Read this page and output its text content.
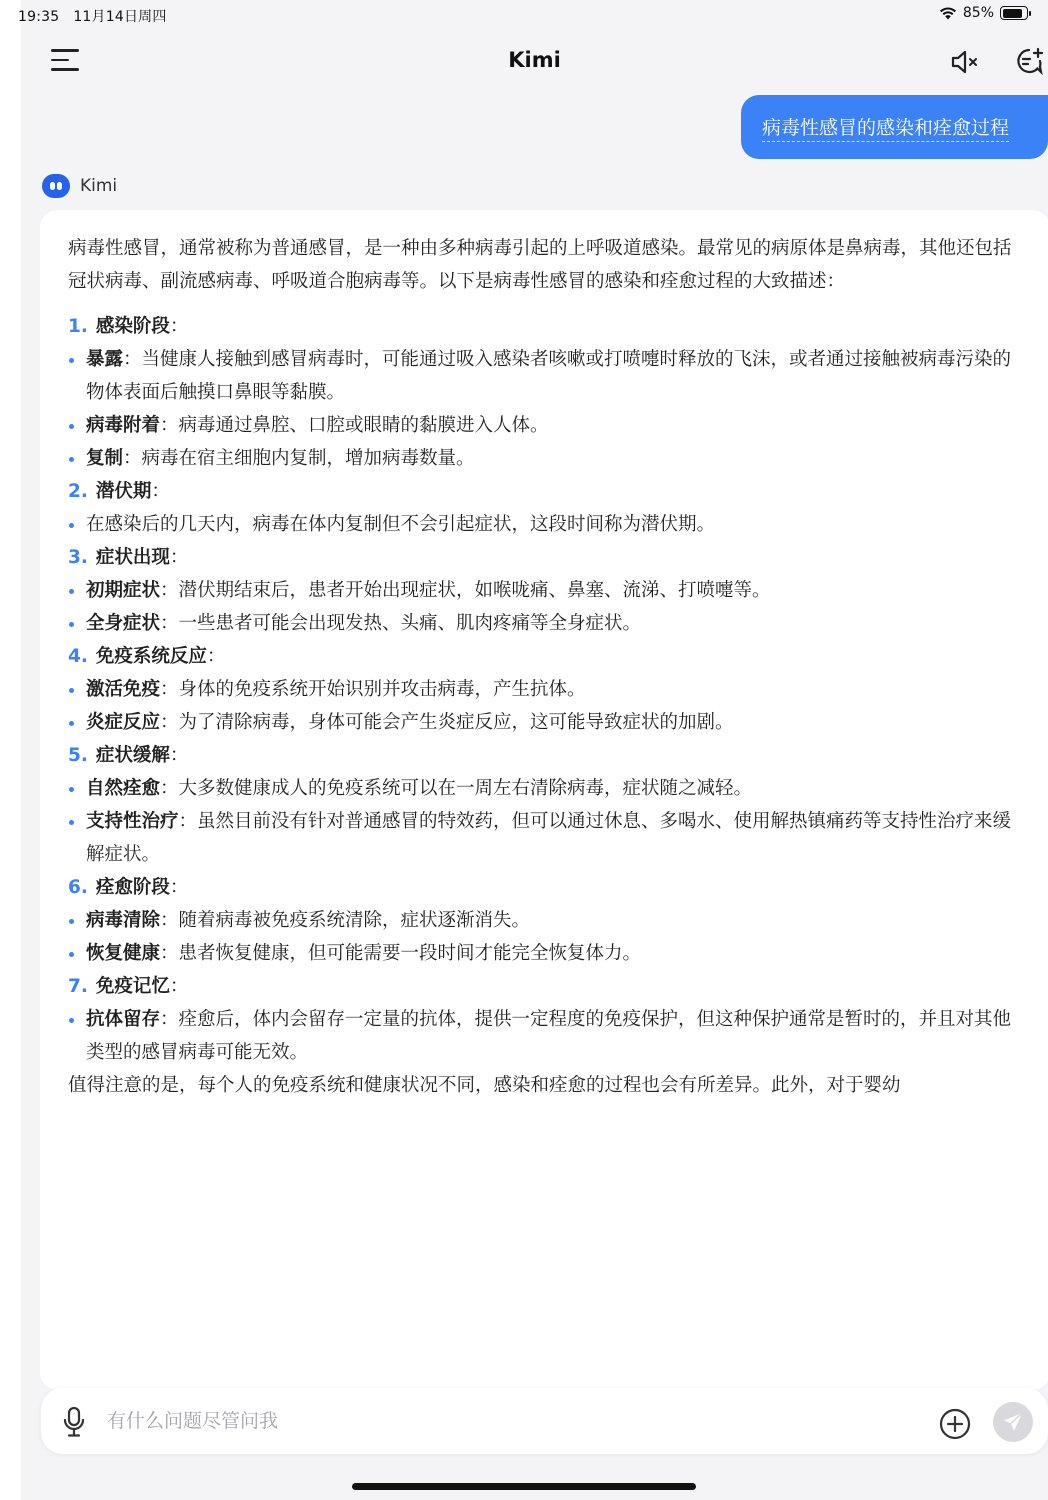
19:35 11月14日周四	85%
Kimi
病毒性感冒的感染和痊愈过程
Kimi

病毒性感冒，通常被称为普通感冒，是一种由多种病毒引起的上呼吸道感染。最常见的病原体是鼻病毒，其他还包括冠状病毒、副流感病毒、呼吸道合胞病毒等。以下是病毒性感冒的感染和痊愈过程的大致描述：

1. 感染阶段：

暴露：当健康人接触到感冒病毒时，可能通过吸入感染者咳嗽或打喷嚏时释放的飞沫，或者通过接触被病毒污染的物体表面后触摸口鼻眼等黏膜。

病毒附着：病毒通过鼻腔、口腔或眼睛的黏膜进入人体。

复制：病毒在宿主细胞内复制，增加病毒数量。

2. 潜伏期：

在感染后的几天内，病毒在体内复制但不会引起症状，这段时间称为潜伏期。

3. 症状出现：

初期症状：潜伏期结束后，患者开始出现症状，如喉咙痛、鼻塞、流涕、打喷嚏等。

全身症状：一些患者可能会出现发热、头痛、肌肉疼痛等全身症状。

4. 免疫系统反应：

激活免疫：身体的免疫系统开始识别并攻击病毒，产生抗体。

炎症反应：为了清除病毒，身体可能会产生炎症反应，这可能导致症状的加剧。

5. 症状缓解：

自然痊愈：大多数健康成人的免疫系统可以在一周左右清除病毒，症状随之减轻。

支持性治疗：虽然目前没有针对普通感冒的特效药，但可以通过休息、多喝水、使用解热镇痛药等支持性治疗来缓解症状。

6. 痊愈阶段：

病毒清除：随着病毒被免疫系统清除，症状逐渐消失。

恢复健康：患者恢复健康，但可能需要一段时间才能完全恢复体力。

7. 免疫记忆：

抗体留存：痊愈后，体内会留存一定量的抗体，提供一定程度的免疫保护，但这种保护通常是暂时的，并且对其他类型的感冒病毒可能无效。

值得注意的是，每个人的免疫系统和健康状况不同，感染和痊愈的过程也会有所差异。此外，对于婴幼

有什么问题尽管问我
